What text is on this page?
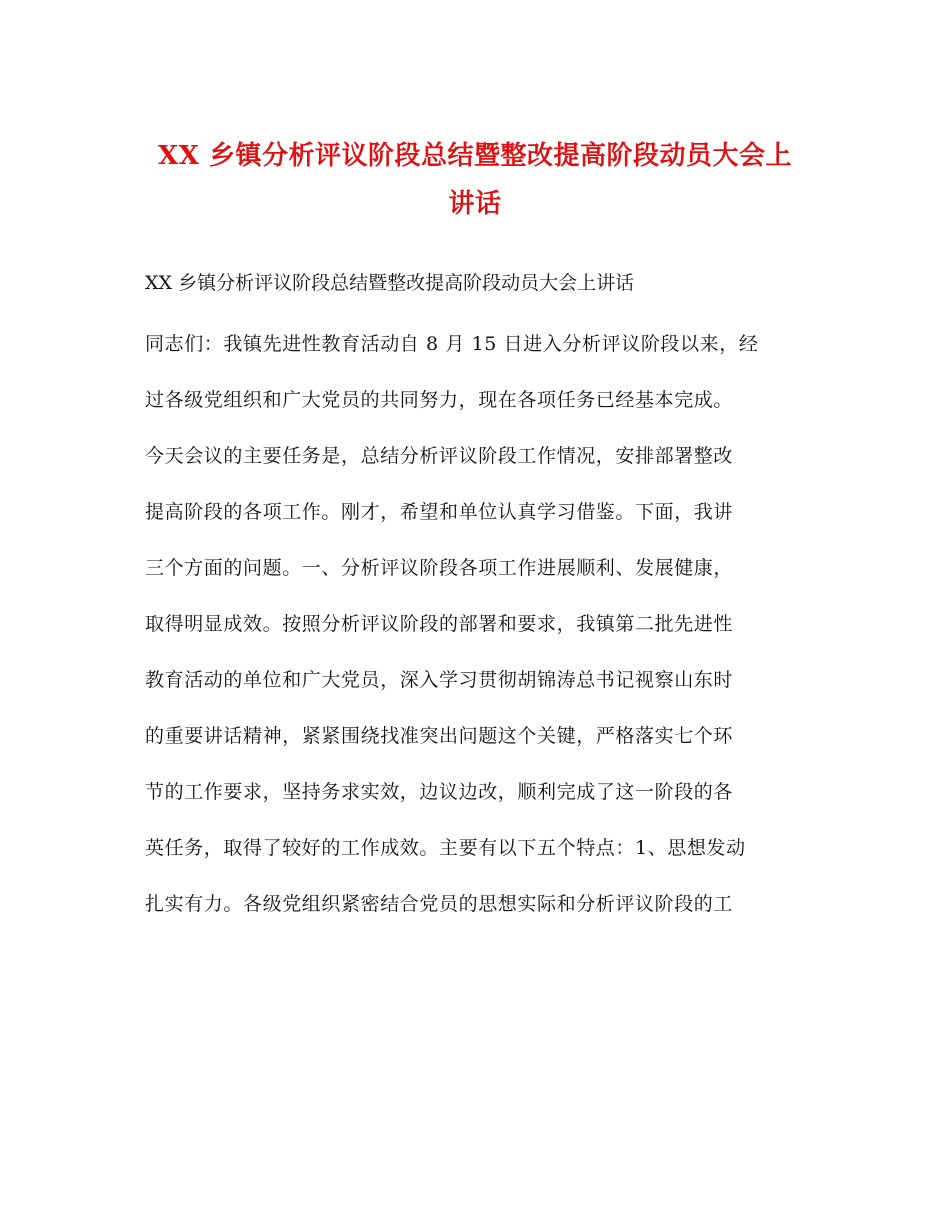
XX 乡镇分析评议阶段总结暨整改提高阶段动员大会上
讲话

XX 乡镇分析评议阶段总结暨整改提高阶段动员大会上讲话

同志们：我镇先进性教育活动自 8 月 15 日进入分析评议阶段以来，经
过各级党组织和广大党员的共同努力，现在各项任务已经基本完成。
今天会议的主要任务是，总结分析评议阶段工作情况，安排部署整改
提高阶段的各项工作。刚才，希望和单位认真学习借鉴。下面，我讲
三个方面的问题。一、分析评议阶段各项工作进展顺利、发展健康，
取得明显成效。按照分析评议阶段的部署和要求，我镇第二批先进性
教育活动的单位和广大党员，深入学习贯彻胡锦涛总书记视察山东时
的重要讲话精神，紧紧围绕找准突出问题这个关键，严格落实七个环
节的工作要求，坚持务求实效，边议边改，顺利完成了这一阶段的各
英任务，取得了较好的工作成效。主要有以下五个特点：1、思想发动
扎实有力。各级党组织紧密结合党员的思想实际和分析评议阶段的工
